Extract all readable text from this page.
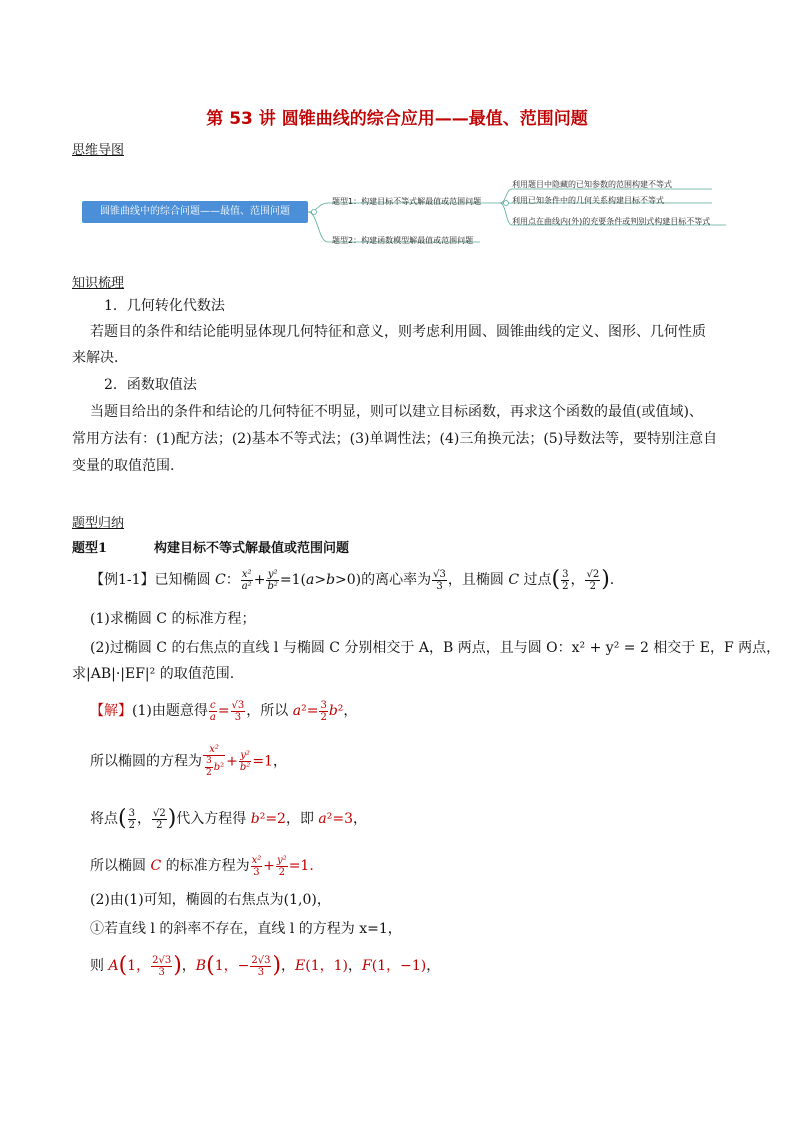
第 53 讲 圆锥曲线的综合应用——最值、范围问题
思维导图
圆锥曲线中的综合问题——最值、范围问题
题型1：构建目标不等式解最值或范围问题
题型2：构建函数模型解最值或范围问题
利用题目中隐藏的已知参数的范围构建不等式
利用已知条件中的几何关系构建目标不等式
利用点在曲线内(外)的充要条件或判别式构建目标不等式
知识梳理
1．几何转化代数法
若题目的条件和结论能明显体现几何特征和意义，则考虑利用圆、圆锥曲线的定义、图形、几何性质
来解决．
2．函数取值法
当题目给出的条件和结论的几何特征不明显，则可以建立目标函数，再求这个函数的最值(或值域)、
常用方法有：(1)配方法；(2)基本不等式法；(3)单调性法；(4)三角换元法；(5)导数法等，要特别注意自
变量的取值范围.
题型归纳
题型1	构建目标不等式解最值或范围问题
【例1-1】已知椭圆 C： $\frac{\text{x²}}{\text{a²}} + \frac{\text{y²}}{\text{b²}} =1(a>b>0)$的离心率为 $\frac{√3}{3}$ ，且椭圆 C 过点( $\frac{3}{2}$ ， $\frac{√2}{2}$ ).
(1)求椭圆 C 的标准方程；
(2)过椭圆 C 的右焦点的直线 l 与椭圆 C 分别相交于 A，B 两点，且与圆 O：x² + y² = 2 相交于 E，F 两点，
求|AB|·|EF|² 的取值范围.
【解】(1)由题意得 $\frac{c}{a} = \frac{√3}{3}$ ，所以 $a^2= \frac{3}{2} b^2$，
所以椭圆的方程为 $\frac{\text{x²}}{\frac{3}{2} b^2} + \frac{\text{y²}}{\text{b²}} =1$，
将点( $\frac{3}{2}$ ， $\frac{√2}{2}$ )代入方程得 b²=2，即 a²=3，
所以椭圆 C 的标准方程为 $\frac{\text{x²}}{3} + \frac{\text{y²}}{2} =1$.
(2)由(1)可知，椭圆的右焦点为(1,0)，
①若直线 l 的斜率不存在，直线 l 的方程为 x=1，
则 A(1， $\frac{2√3}{3}$ )，B(1，− $\frac{2√3}{3}$ )，E(1，1)，F(1，−1)，
